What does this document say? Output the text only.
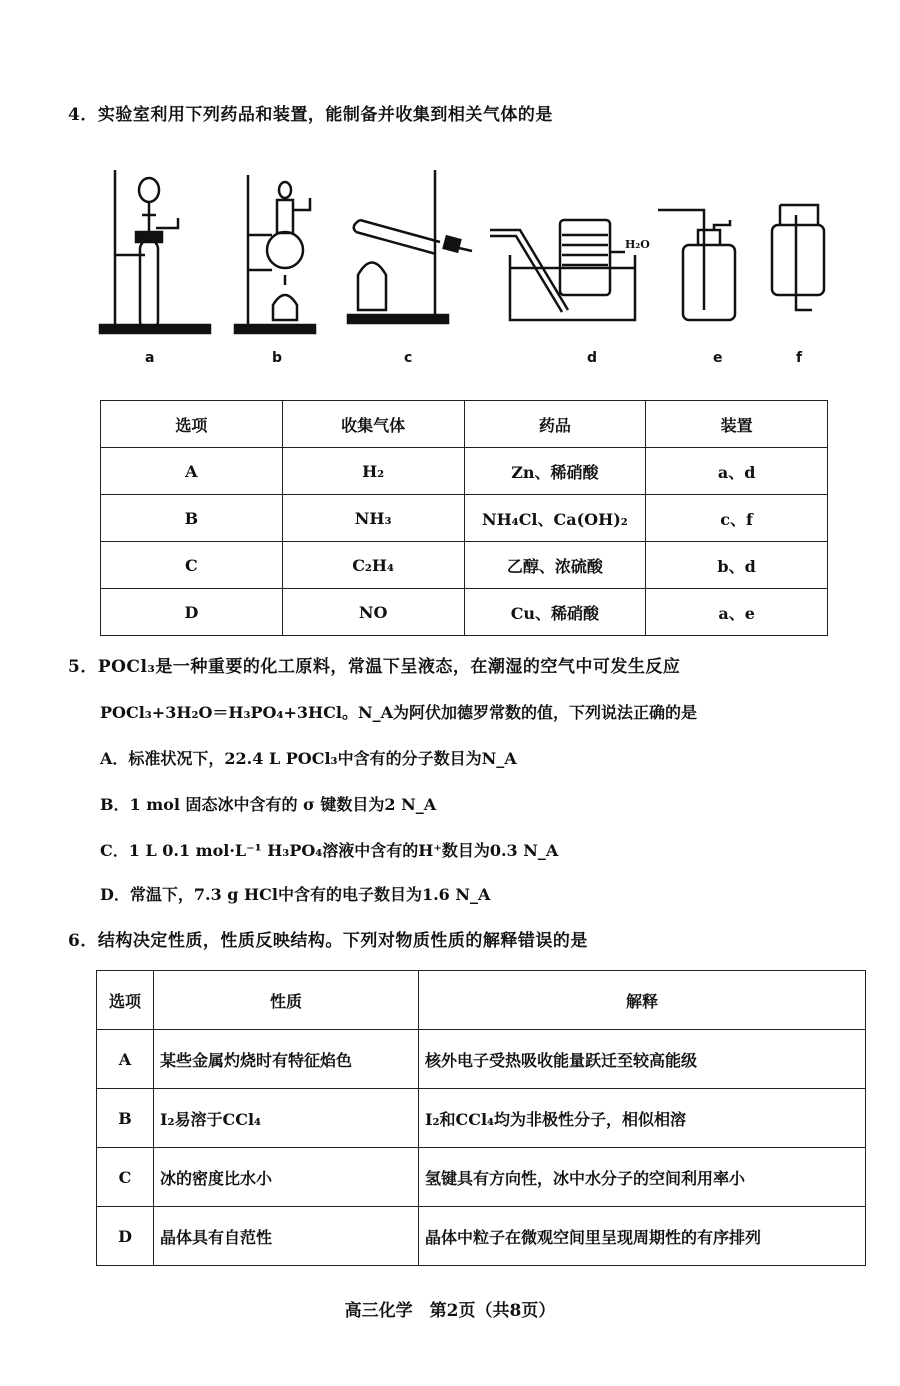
4．实验室利用下列药品和装置，能制备并收集到相关气体的是
H₂O
a	b	c	d	e	f
选项	收集气体	药品	装置
A	H₂	Zn、稀硝酸	a、d
B	NH₃	NH₄Cl、Ca(OH)₂	c、f
C	C₂H₄	乙醇、浓硫酸	b、d
D	NO	Cu、稀硝酸	a、e
5．POCl₃是一种重要的化工原料，常温下呈液态，在潮湿的空气中可发生反应
POCl₃+3H₂O＝H₃PO₄+3HCl。N_A为阿伏加德罗常数的值，下列说法正确的是
A．标准状况下，22.4 L POCl₃中含有的分子数目为N_A
B．1 mol 固态冰中含有的 σ 键数目为2 N_A
C．1 L 0.1 mol·L⁻¹ H₃PO₄溶液中含有的H⁺数目为0.3 N_A
D．常温下，7.3 g HCl中含有的电子数目为1.6 N_A
6．结构决定性质，性质反映结构。下列对物质性质的解释错误的是
选项	性质	解释
A	某些金属灼烧时有特征焰色	核外电子受热吸收能量跃迁至较高能级
B	I₂易溶于CCl₄	I₂和CCl₄均为非极性分子，相似相溶
C	冰的密度比水小	氢键具有方向性，冰中水分子的空间利用率小
D	晶体具有自范性	晶体中粒子在微观空间里呈现周期性的有序排列
高三化学　第2页（共8页）
